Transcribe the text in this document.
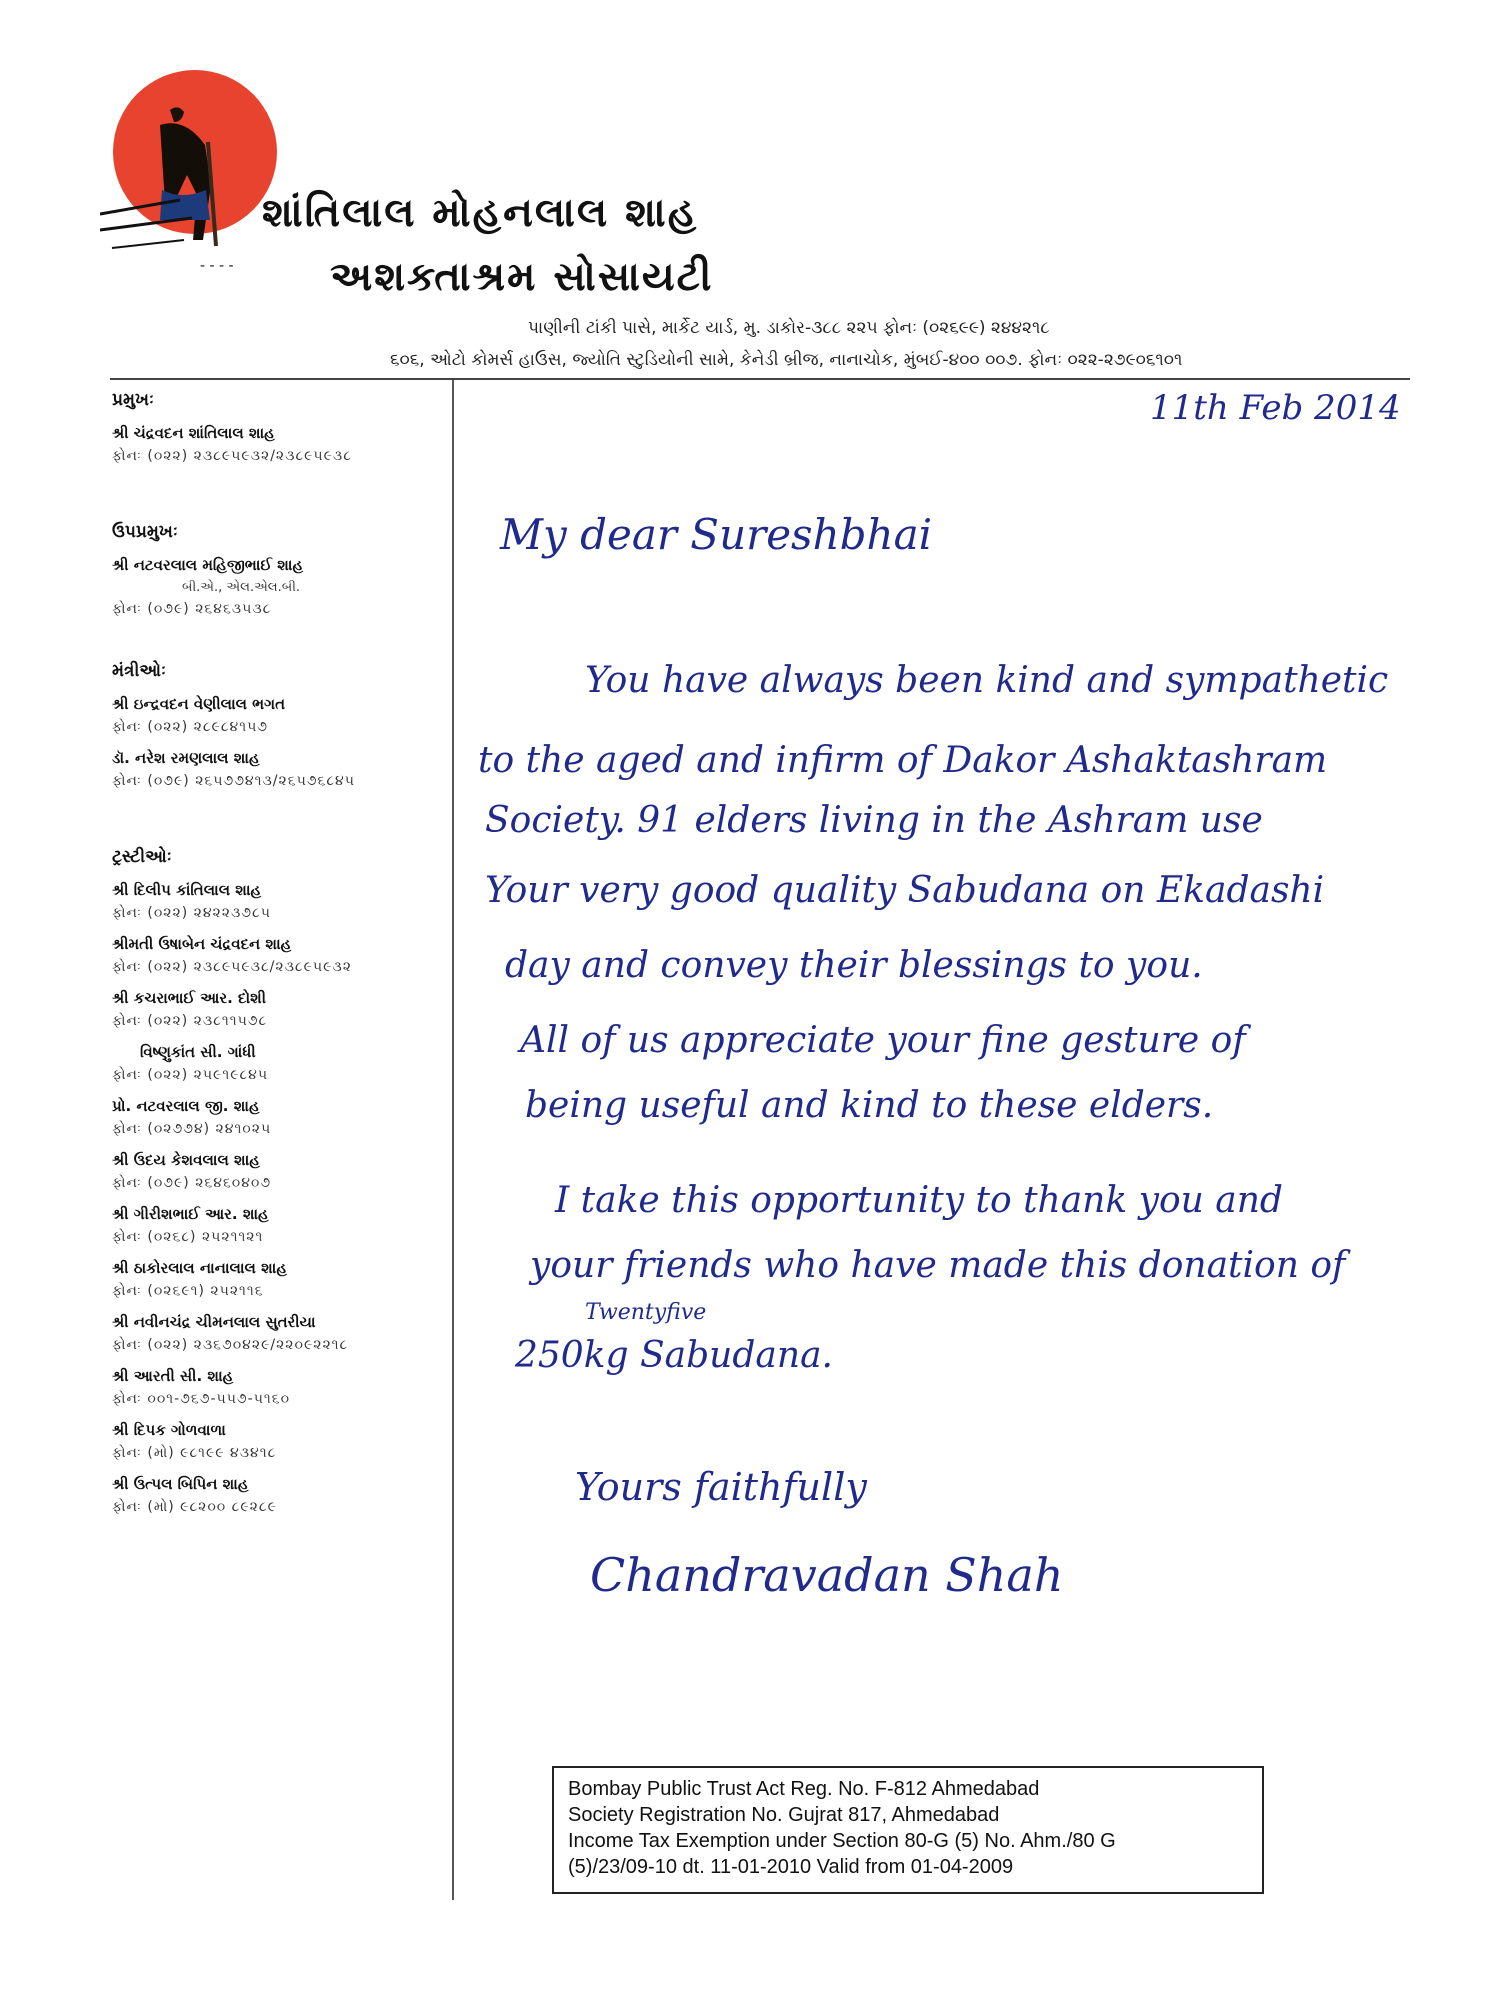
- - - -
શાંતિલાલ મોહનલાલ શાહ
અશક્તાશ્રમ સોસાયટી
પાણીની ટાંકી પાસે, માર્કેટ યાર્ડ, મુ. ડાકોર-૩૮૮ ૨૨૫ ફોનઃ (૦૨૬૯૯) ૨૪૪૨૧૮
૬૦૬, ઓટો કોમર્સ હાઉસ, જ્યોતિ સ્ટુડિયોની સામે, કેનેડી બ્રીજ, નાનાચોક, મુંબઈ-૪૦૦ ૦૦૭. ફોનઃ ૦૨૨-૨૭૯૦૬૧૦૧
પ્રમુખઃ
શ્રી ચંદ્રવદન શાંતિલાલ શાહ
ફોનઃ (૦૨૨) ૨૩૮૯૫૯૩૨/૨૩૮૯૫૯૩૮
ઉપપ્રમુખઃ
શ્રી નટવરલાલ મહિજીભાઈ શાહ
બી.એ., એલ.એલ.બી.
ફોનઃ (૦૭૯) ૨૬૪૬૩૫૩૮
મંત્રીઓઃ
શ્રી ઇન્દ્રવદન વેણીલાલ ભગત
ફોનઃ (૦૨૨) ૨૮૯૮૪૧૫૭
ડૉ. નરેશ રમણલાલ શાહ
ફોનઃ (૦૭૯) ૨૬૫૭૭૪૧૩/૨૬૫૭૬૮૪૫
ટ્રસ્ટીઓઃ
શ્રી દિલીપ કાંતિલાલ શાહ
ફોનઃ (૦૨૨) ૨૪૨૨૩૭૮૫
શ્રીમતી ઉષાબેન ચંદ્રવદન શાહ
ફોનઃ (૦૨૨) ૨૩૮૯૫૯૩૮/૨૩૮૯૫૯૩૨
શ્રી કચરાભાઈ આર. દોશી
ફોનઃ (૦૨૨) ૨૩૮૧૧૫૭૮
વિષ્ણુકાંત સી. ગાંધી
ફોનઃ (૦૨૨) ૨૫૯૧૯૮૪૫
પ્રો. નટવરલાલ જી. શાહ
ફોનઃ (૦૨૭૭૪) ૨૪૧૦૨૫
શ્રી ઉદય કેશવલાલ શાહ
ફોનઃ (૦૭૯) ૨૬૪૬૦૪૦૭
શ્રી ગીરીશભાઈ આર. શાહ
ફોનઃ (૦૨૬૮) ૨૫૨૧૧૨૧
શ્રી ઠાકોરલાલ નાનાલાલ શાહ
ફોનઃ (૦૨૬૯૧) ૨૫૨૧૧૬
શ્રી નવીનચંદ્ર ચીમનલાલ સુતરીયા
ફોનઃ (૦૨૨) ૨૩૬૭૦૪૨૯/૨૨૦૯૨૨૧૮
શ્રી આરતી સી. શાહ
ફોનઃ ૦૦૧-૭૬૭-૫૫૭-૫૧૬૦
શ્રી દિપક ગોળવાળા
ફોનઃ (મો) ૯૮૧૯૯ ૪૩૪૧૮
શ્રી ઉત્પલ બિપિન શાહ
ફોનઃ (મો) ૯૮૨૦૦ ૮૯૨૮૯
11th Feb 2014
My dear Sureshbhai
You have always been kind and sympathetic
to the aged and infirm of Dakor Ashaktashram
Society. 91 elders living in the Ashram use
Your very good quality Sabudana on Ekadashi
day and convey their blessings to you.
All of us appreciate your fine gesture of
being useful and kind to these elders.
I take this opportunity to thank you and
your friends who have made this donation of
Twentyfive
250kg Sabudana.
Yours faithfully
Chandravadan Shah
Bombay Public Trust Act Reg. No. F-812 Ahmedabad
Society Registration No. Gujrat 817, Ahmedabad
Income Tax Exemption under Section 80-G (5) No. Ahm./80 G
(5)/23/09-10 dt. 11-01-2010 Valid from 01-04-2009
